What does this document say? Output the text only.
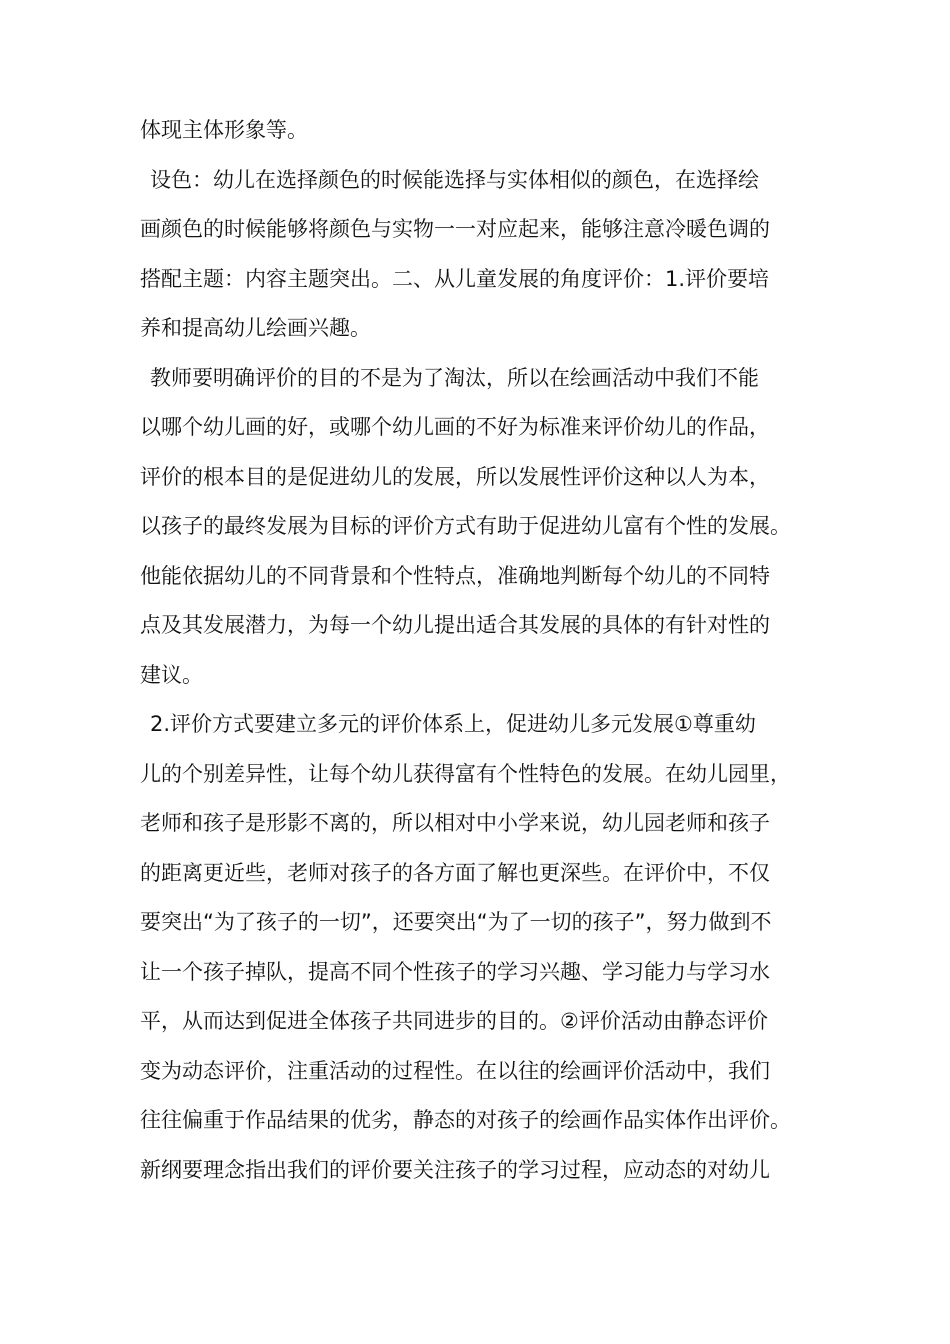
体现主体形象等。
设色：幼儿在选择颜色的时候能选择与实体相似的颜色，在选择绘
画颜色的时候能够将颜色与实物一一对应起来，能够注意冷暖色调的
搭配主题：内容主题突出。二、从儿童发展的角度评价：1.评价要培
养和提高幼儿绘画兴趣。
教师要明确评价的目的不是为了淘汰，所以在绘画活动中我们不能
以哪个幼儿画的好，或哪个幼儿画的不好为标准来评价幼儿的作品，
评价的根本目的是促进幼儿的发展，所以发展性评价这种以人为本，
以孩子的最终发展为目标的评价方式有助于促进幼儿富有个性的发展。
他能依据幼儿的不同背景和个性特点，准确地判断每个幼儿的不同特
点及其发展潜力，为每一个幼儿提出适合其发展的具体的有针对性的
建议。
2.评价方式要建立多元的评价体系上，促进幼儿多元发展①尊重幼
儿的个别差异性，让每个幼儿获得富有个性特色的发展。在幼儿园里，
老师和孩子是形影不离的，所以相对中小学来说，幼儿园老师和孩子
的距离更近些，老师对孩子的各方面了解也更深些。在评价中，不仅
要突出“为了孩子的一切”，还要突出“为了一切的孩子”，努力做到不
让一个孩子掉队，提高不同个性孩子的学习兴趣、学习能力与学习水
平，从而达到促进全体孩子共同进步的目的。②评价活动由静态评价
变为动态评价，注重活动的过程性。在以往的绘画评价活动中，我们
往往偏重于作品结果的优劣，静态的对孩子的绘画作品实体作出评价。
新纲要理念指出我们的评价要关注孩子的学习过程，应动态的对幼儿
